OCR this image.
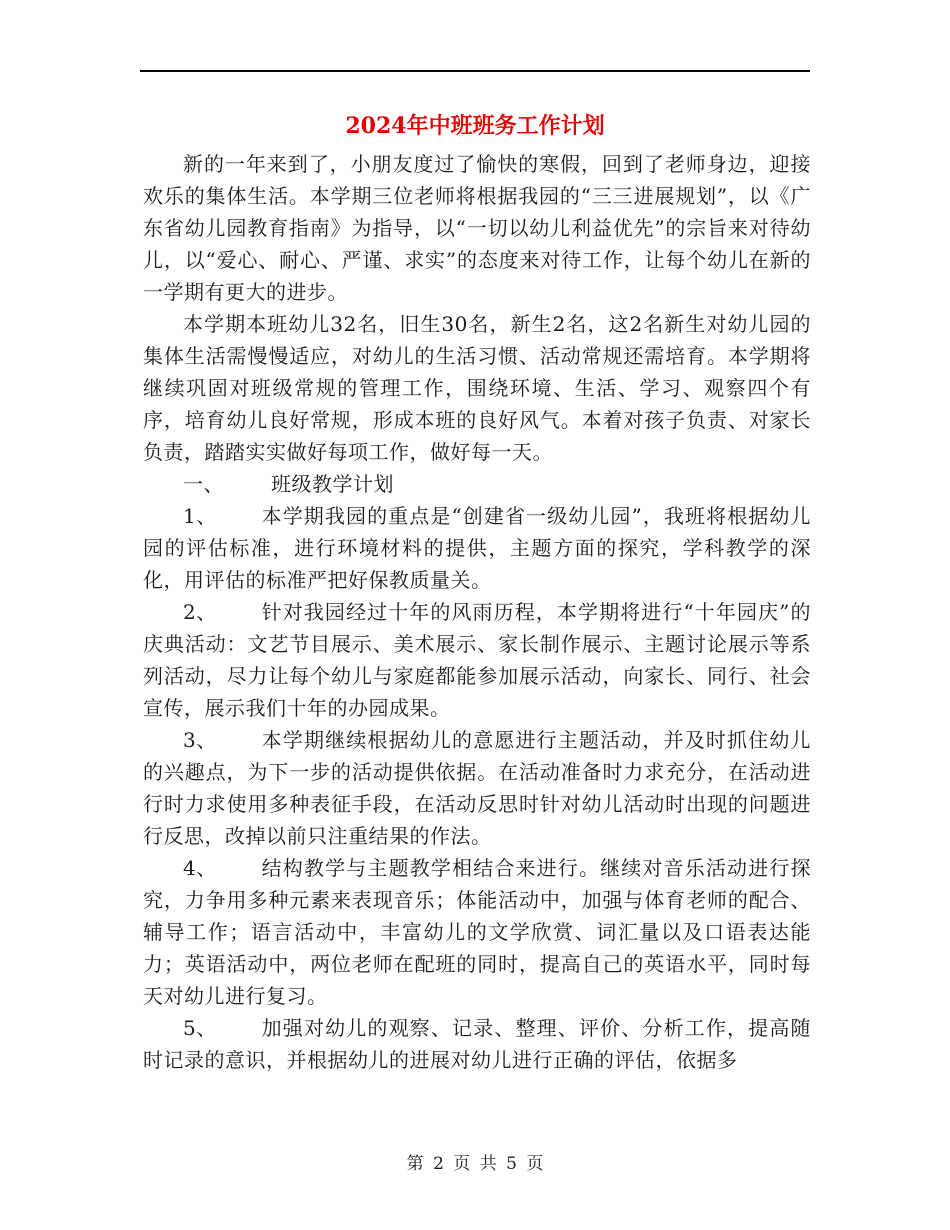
2024年中班班务工作计划

新的一年来到了，小朋友度过了愉快的寒假，回到了老师身边，迎接欢乐的集体生活。本学期三位老师将根据我园的“三三进展规划”，以《广东省幼儿园教育指南》为指导，以“一切以幼儿利益优先”的宗旨来对待幼儿，以“爱心、耐心、严谨、求实”的态度来对待工作，让每个幼儿在新的一学期有更大的进步。

本学期本班幼儿32名，旧生30名，新生2名，这2名新生对幼儿园的集体生活需慢慢适应，对幼儿的生活习惯、活动常规还需培育。本学期将继续巩固对班级常规的管理工作，围绕环境、生活、学习、观察四个有序，培育幼儿良好常规，形成本班的良好风气。本着对孩子负责、对家长负责，踏踏实实做好每项工作，做好每一天。

一、 班级教学计划

1、 本学期我园的重点是“创建省一级幼儿园”，我班将根据幼儿园的评估标准，进行环境材料的提供，主题方面的探究，学科教学的深化，用评估的标准严把好保教质量关。

2、 针对我园经过十年的风雨历程，本学期将进行“十年园庆”的庆典活动：文艺节目展示、美术展示、家长制作展示、主题讨论展示等系列活动，尽力让每个幼儿与家庭都能参加展示活动，向家长、同行、社会宣传，展示我们十年的办园成果。

3、 本学期继续根据幼儿的意愿进行主题活动，并及时抓住幼儿的兴趣点，为下一步的活动提供依据。在活动准备时力求充分，在活动进行时力求使用多种表征手段，在活动反思时针对幼儿活动时出现的问题进行反思，改掉以前只注重结果的作法。

4、 结构教学与主题教学相结合来进行。继续对音乐活动进行探究，力争用多种元素来表现音乐；体能活动中，加强与体育老师的配合、辅导工作；语言活动中，丰富幼儿的文学欣赏、词汇量以及口语表达能力；英语活动中，两位老师在配班的同时，提高自己的英语水平，同时每天对幼儿进行复习。

5、 加强对幼儿的观察、记录、整理、评价、分析工作，提高随时记录的意识，并根据幼儿的进展对幼儿进行正确的评估，依据多

第 2 页 共 5 页
